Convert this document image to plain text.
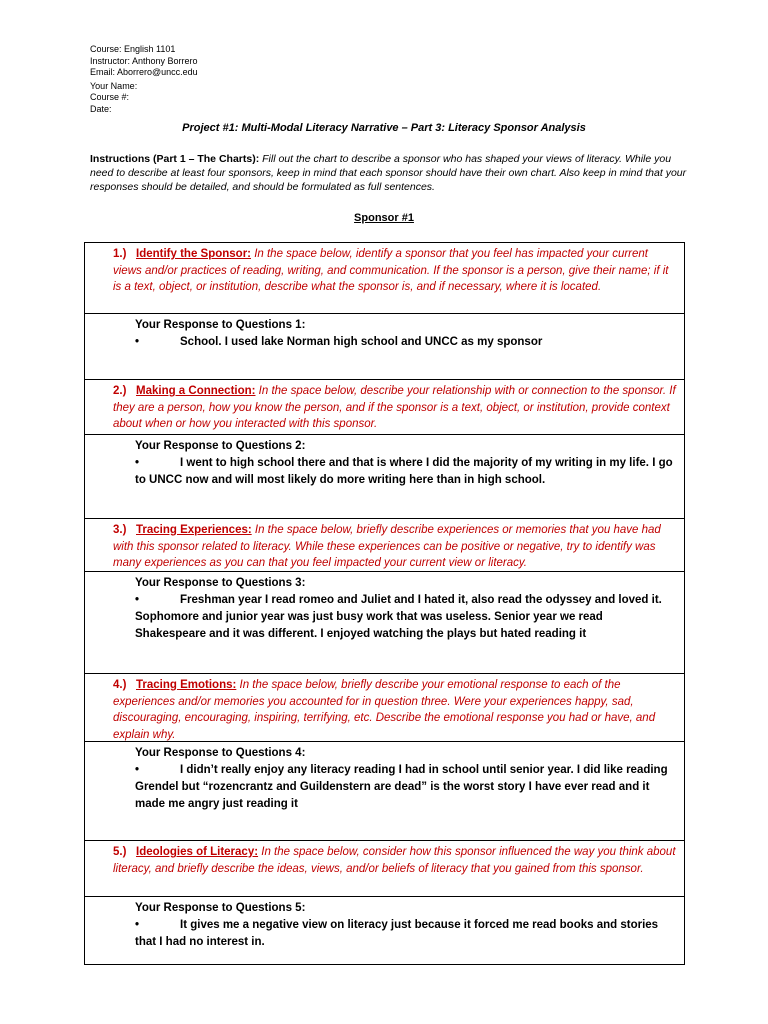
Course: English 1101
Instructor: Anthony Borrero
Email: Aborrero@uncc.edu
Your Name:
Course #:
Date:
Project #1: Multi-Modal Literacy Narrative – Part 3: Literacy Sponsor Analysis
Instructions (Part 1 – The Charts): Fill out the chart to describe a sponsor who has shaped your views of literacy. While you need to describe at least four sponsors, keep in mind that each sponsor should have their own chart. Also keep in mind that your responses should be detailed, and should be formulated as full sentences.
Sponsor #1
1.) Identify the Sponsor: In the space below, identify a sponsor that you feel has impacted your current views and/or practices of reading, writing, and communication. If the sponsor is a person, give their name; if it is a text, object, or institution, describe what the sponsor is, and if necessary, where it is located.
Your Response to Questions 1:
•	School. I used lake Norman high school and UNCC as my sponsor
2.) Making a Connection: In the space below, describe your relationship with or connection to the sponsor. If they are a person, how you know the person, and if the sponsor is a text, object, or institution, provide context about when or how you interacted with this sponsor.
Your Response to Questions 2:
•	I went to high school there and that is where I did the majority of my writing in my life. I go to UNCC now and will most likely do more writing here than in high school.
3.) Tracing Experiences: In the space below, briefly describe experiences or memories that you have had with this sponsor related to literacy. While these experiences can be positive or negative, try to identify was many experiences as you can that you feel impacted your current view or literacy.
Your Response to Questions 3:
•	Freshman year I read romeo and Juliet and I hated it, also read the odyssey and loved it. Sophomore and junior year was just busy work that was useless. Senior year we read Shakespeare and it was different. I enjoyed watching the plays but hated reading it
4.) Tracing Emotions: In the space below, briefly describe your emotional response to each of the experiences and/or memories you accounted for in question three. Were your experiences happy, sad, discouraging, encouraging, inspiring, terrifying, etc. Describe the emotional response you had or have, and explain why.
Your Response to Questions 4:
•	I didn’t really enjoy any literacy reading I had in school until senior year. I did like reading Grendel but “rozencrantz and Guildenstern are dead” is the worst story I have ever read and it made me angry just reading it
5.) Ideologies of Literacy: In the space below, consider how this sponsor influenced the way you think about literacy, and briefly describe the ideas, views, and/or beliefs of literacy that you gained from this sponsor.
Your Response to Questions 5:
•	It gives me a negative view on literacy just because it forced me read books and stories that I had no interest in.
